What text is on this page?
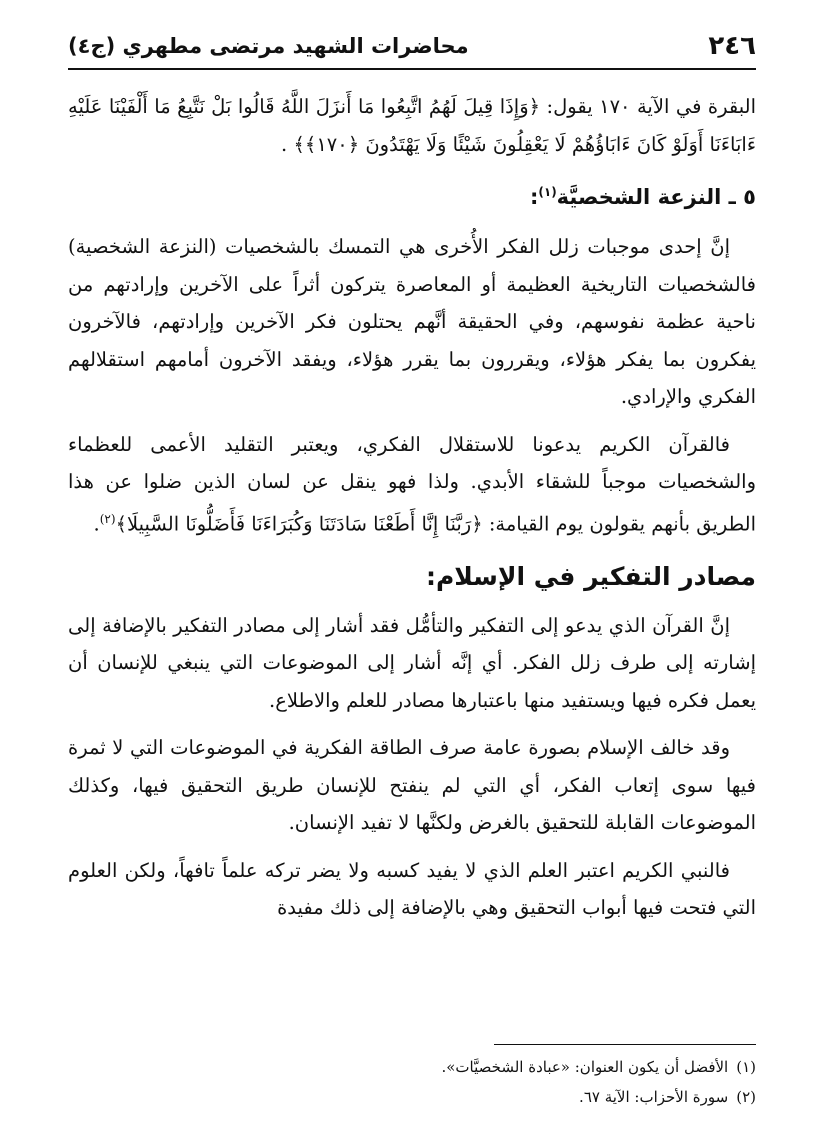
٢٤٦
محاضرات الشهيد مرتضى مطهري (ج٤)

البقرة في الآية ١٧٠ يقول: ﴿وَإِذَا قِيلَ لَهُمُ اتَّبِعُوا مَا أَنزَلَ اللَّهُ قَالُوا بَلْ نَتَّبِعُ مَا أَلْفَيْنَا عَلَيْهِ ءَابَاءَنَا أَوَلَوْ كَانَ ءَابَاؤُهُمْ لَا يَعْقِلُونَ شَيْئًا وَلَا يَهْتَدُونَ ﴿١٧٠﴾﴾ .

٥ ـ النزعة الشخصيَّة$^{(١)}$:

إنَّ إحدى موجبات زلل الفكر الأُخرى هي التمسك بالشخصيات (النزعة الشخصية) فالشخصيات التاريخية العظيمة أو المعاصرة يتركون أثراً على الآخرين وإرادتهم من ناحية عظمة نفوسهم، وفي الحقيقة أنَّهم يحتلون فكر الآخرين وإرادتهم، فالآخرون يفكرون بما يفكر هؤلاء، ويقررون بما يقرر هؤلاء، ويفقد الآخرون أمامهم استقلالهم الفكري والإرادي.

فالقرآن الكريم يدعونا للاستقلال الفكري، ويعتبر التقليد الأعمى للعظماء والشخصيات موجباً للشقاء الأبدي. ولذا فهو ينقل عن لسان الذين ضلوا عن هذا الطريق بأنهم يقولون يوم القيامة: ﴿رَبَّنَا إِنَّا أَطَعْنَا سَادَتَنَا وَكُبَرَاءَنَا فَأَضَلُّونَا السَّبِيلَا﴾$^{(٢)}$.

مصادر التفكير في الإسلام:

إنَّ القرآن الذي يدعو إلى التفكير والتأمُّل فقد أشار إلى مصادر التفكير بالإضافة إلى إشارته إلى طرف زلل الفكر. أي إنَّه أشار إلى الموضوعات التي ينبغي للإنسان أن يعمل فكره فيها ويستفيد منها باعتبارها مصادر للعلم والاطلاع.

وقد خالف الإسلام بصورة عامة صرف الطاقة الفكرية في الموضوعات التي لا ثمرة فيها سوى إتعاب الفكر، أي التي لم ينفتح للإنسان طريق التحقيق فيها، وكذلك الموضوعات القابلة للتحقيق بالغرض ولكنَّها لا تفيد الإنسان.

فالنبي الكريم اعتبر العلم الذي لا يفيد كسبه ولا يضر تركه علماً تافهاً، ولكن العلوم التي فتحت فيها أبواب التحقيق وهي بالإضافة إلى ذلك مفيدة

(١)الأفضل أن يكون العنوان: «عبادة الشخصيَّات».
(٢)سورة الأحزاب: الآية ٦٧.
